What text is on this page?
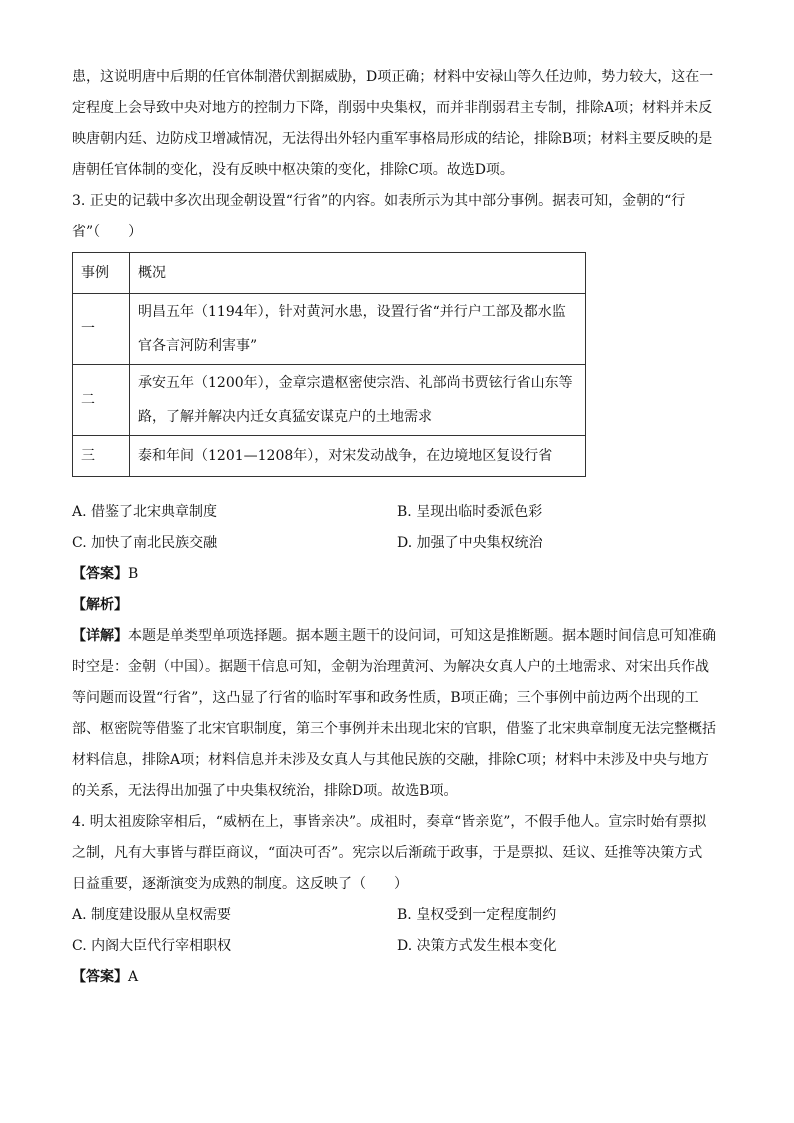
患，这说明唐中后期的任官体制潜伏割据威胁，D项正确；材料中安禄山等久任边帅，势力较大，这在一

定程度上会导致中央对地方的控制力下降，削弱中央集权，而并非削弱君主专制，排除A项；材料并未反

映唐朝内廷、边防戍卫增减情况，无法得出外轻内重军事格局形成的结论，排除B项；材料主要反映的是

唐朝任官体制的变化，没有反映中枢决策的变化，排除C项。故选D项。

3. 正史的记载中多次出现金朝设置“行省”的内容。如表所示为其中部分事例。据表可知，金朝的“行

省”（　　）

事例	概况
一	明昌五年（1194年），针对黄河水患，设置行省“并行户工部及都水监
官各言河防利害事”

二	承安五年（1200年），金章宗遣枢密使宗浩、礼部尚书贾铉行省山东等
路，了解并解决内迁女真猛安谋克户的土地需求

三	泰和年间（1201—1208年），对宋发动战争，在边境地区复设行省
A. 借鉴了北宋典章制度	B. 呈现出临时委派色彩
C. 加快了南北民族交融	D. 加强了中央集权统治

【答案】B

【解析】

【详解】本题是单类型单项选择题。据本题主题干的设问词，可知这是推断题。据本题时间信息可知准确

时空是：金朝（中国）。据题干信息可知，金朝为治理黄河、为解决女真人户的土地需求、对宋出兵作战

等问题而设置“行省”，这凸显了行省的临时军事和政务性质，B项正确；三个事例中前边两个出现的工

部、枢密院等借鉴了北宋官职制度，第三个事例并未出现北宋的官职，借鉴了北宋典章制度无法完整概括

材料信息，排除A项；材料信息并未涉及女真人与其他民族的交融，排除C项；材料中未涉及中央与地方

的关系，无法得出加强了中央集权统治，排除D项。故选B项。

4. 明太祖废除宰相后，“威柄在上，事皆亲决”。成祖时，奏章“皆亲览”，不假手他人。宣宗时始有票拟

之制，凡有大事皆与群臣商议，“面决可否”。宪宗以后渐疏于政事，于是票拟、廷议、廷推等决策方式

日益重要，逐渐演变为成熟的制度。这反映了（　　）

A. 制度建设服从皇权需要	B. 皇权受到一定程度制约
C. 内阁大臣代行宰相职权	D. 决策方式发生根本变化

【答案】A
